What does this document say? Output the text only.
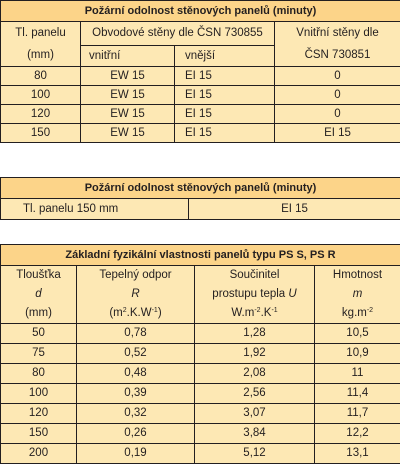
Požární odolnost stěnových panelů (minuty)			
Tl. panelu	Obvodové stěny dle ČSN 730855		Vnitřní stěny dle
(mm)	vnitřní	vnější	ČSN 730851
80	EW 15	EI 15	0
100	EW 15	EI 15	0
120	EW 15	EI 15	0
150	EW 15	EI 15	EI 15
Požární odolnost stěnových panelů (minuty)
Tl. panelu 150 mm	EI 15
Základní fyzikální vlastnosti panelů typu PS S, PS R			
Tloušťka	Tepelný odpor	Součinitel	Hmotnost
d	R	prostupu tepla U	m
(mm)	$(m^2.K.W^{-1})$	$W.m^{-2}.K^{-1}$	$kg.m^{-2}$
50	0,78	1,28	10,5
75	0,52	1,92	10,9
80	0,48	2,08	11
100	0,39	2,56	11,4
120	0,32	3,07	11,7
150	0,26	3,84	12,2
200	0,19	5,12	13,1
